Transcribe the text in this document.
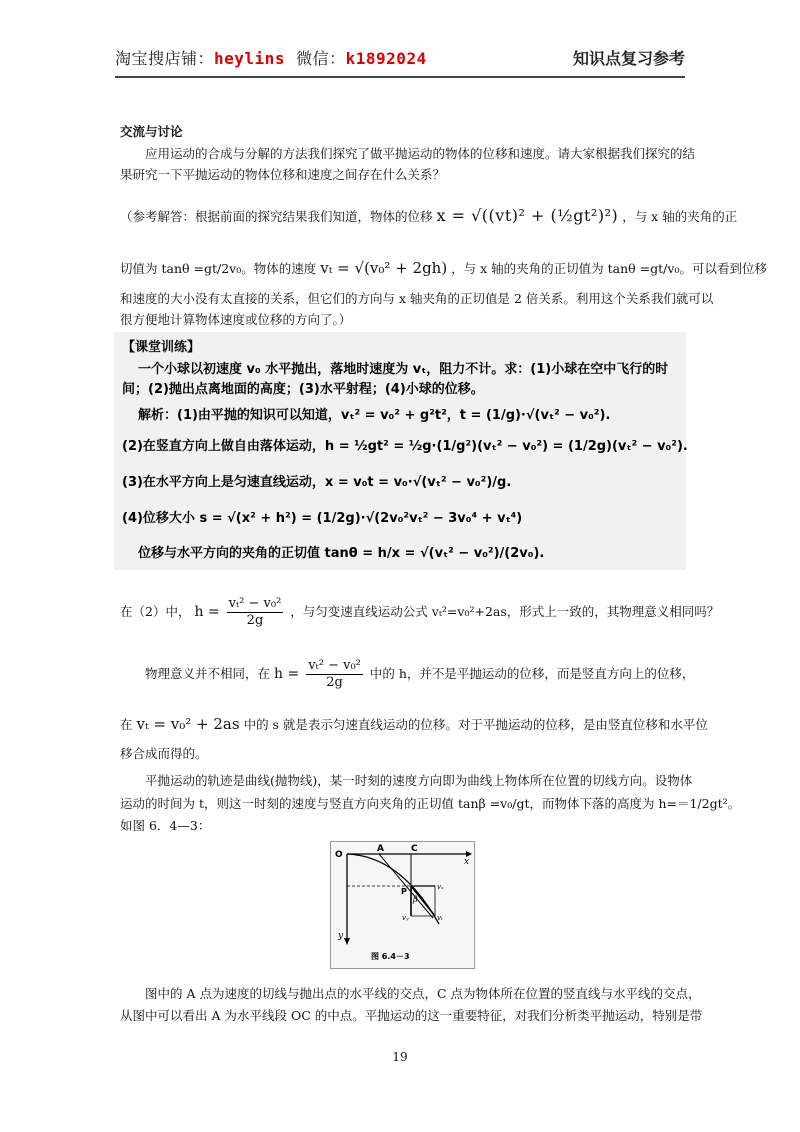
淘宝搜店铺：heylins  微信：k1892024	知识点复习参考
交流与讨论
应用运动的合成与分解的方法我们探究了做平抛运动的物体的位移和速度。请大家根据我们探究的结
果研究一下平抛运动的物体位移和速度之间存在什么关系？
（参考解答：根据前面的探究结果我们知道，物体的位移 x = √((vt)² + (½gt²)²) ，与 x 轴的夹角的正
切值为 tanθ =gt/2v₀。物体的速度 vₜ = √(v₀² + 2gh) ，与 x 轴的夹角的正切值为 tanθ =gt/v₀。可以看到位移
和速度的大小没有太直接的关系，但它们的方向与 x 轴夹角的正切值是 2 倍关系。利用这个关系我们就可以
很方便地计算物体速度或位移的方向了。）
【课堂训练】
一个小球以初速度 v₀ 水平抛出，落地时速度为 vₜ，阻力不计。求：(1)小球在空中飞行的时
间；(2)抛出点离地面的高度；(3)水平射程；(4)小球的位移。
解析：(1)由平抛的知识可以知道，vₜ² = v₀² + g²t²，t = (1/g)·√(vₜ² − v₀²).
(2)在竖直方向上做自由落体运动，h = ½gt² = ½g·(1/g²)(vₜ² − v₀²) = (1/2g)(vₜ² − v₀²).
(3)在水平方向上是匀速直线运动，x = v₀t = v₀·√(vₜ² − v₀²)/g.
(4)位移大小 s = √(x² + h²) = (1/2g)·√(2v₀²vₜ² − 3v₀⁴ + vₜ⁴)
位移与水平方向的夹角的正切值 tanθ = h/x = √(vₜ² − v₀²)/(2v₀).
在（2）中， $h = \frac{\text{vₜ² − v₀²}}{2g}$ ，与匀变速直线运动公式 vₜ²=v₀²+2as，形式上一致的，其物理意义相同吗？
物理意义并不相同，在 $h = \frac{\text{vₜ² − v₀²}}{2g}$ 中的 h，并不是平抛运动的位移，而是竖直方向上的位移，
在 vₜ = v₀² + 2as 中的 s 就是表示匀速直线运动的位移。对于平抛运动的位移，是由竖直位移和水平位
移合成而得的。
平抛运动的轨迹是曲线(抛物线)，某一时刻的速度方向即为曲线上物体所在位置的切线方向。设物体
运动的时间为 t，则这一时刻的速度与竖直方向夹角的正切值 tanβ =v₀/gt，而物体下落的高度为 h=＝1/2gt²。
如图 6．4—3：
O
A	C
x
y
P
β
vₓ
vᵧ	vₜ
图 6.4－3
图中的 A 点为速度的切线与抛出点的水平线的交点，C 点为物体所在位置的竖直线与水平线的交点，
从图中可以看出 A 为水平线段 OC 的中点。平抛运动的这一重要特征，对我们分析类平抛运动，特别是带
19
